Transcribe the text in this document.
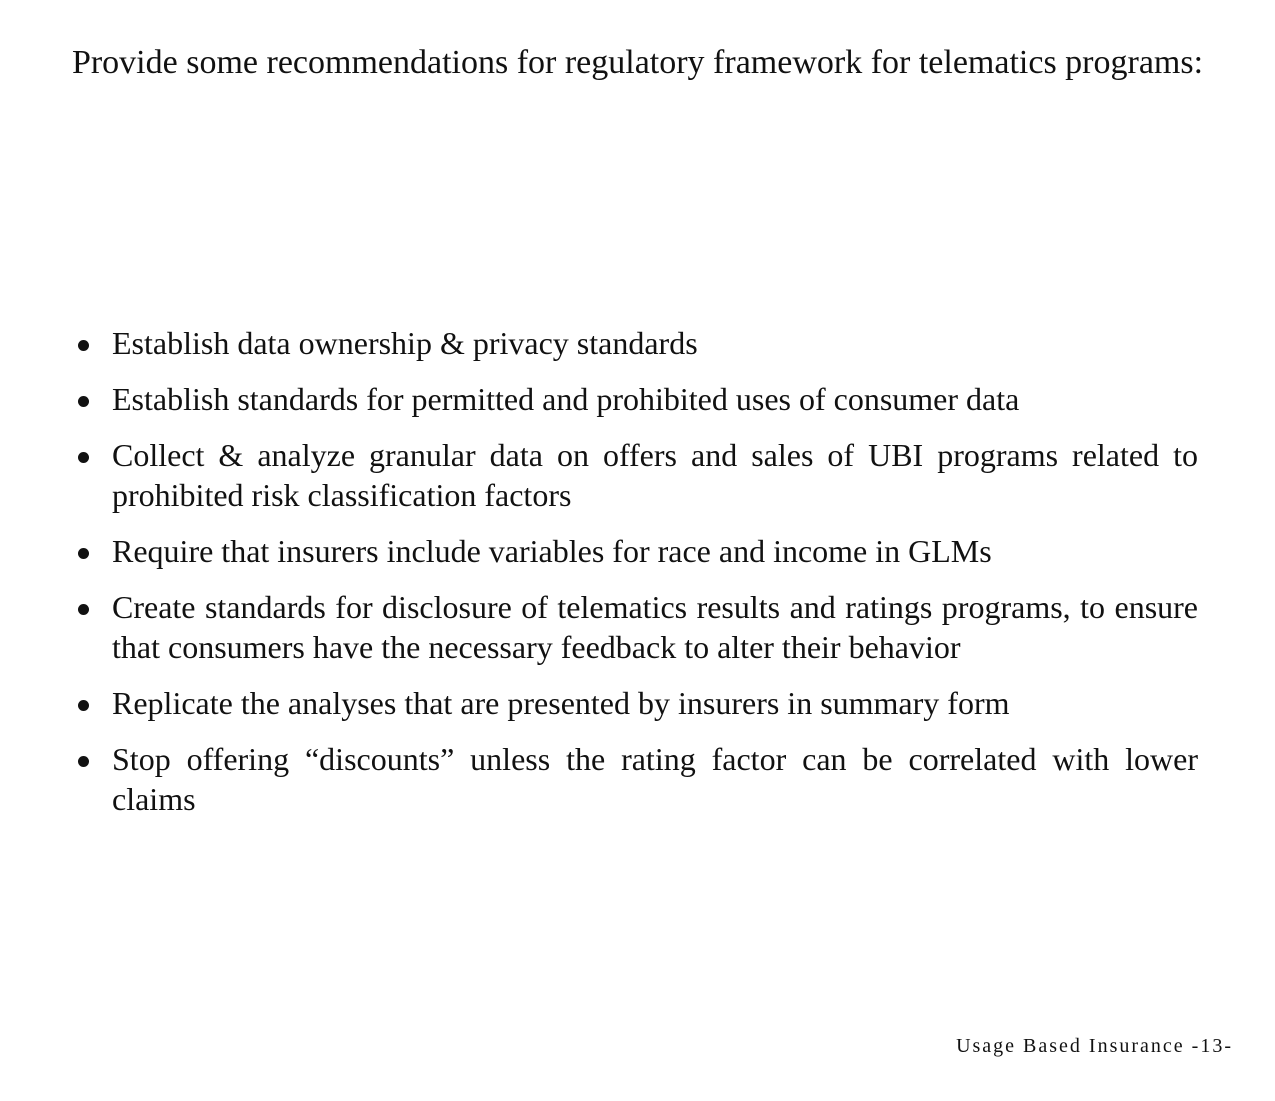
Provide some recommendations for regulatory framework for telematics programs:
Establish data ownership & privacy standards
Establish standards for permitted and prohibited uses of consumer data
Collect & analyze granular data on offers and sales of UBI programs related to prohibited risk classification factors
Require that insurers include variables for race and income in GLMs
Create standards for disclosure of telematics results and ratings programs, to ensure that consumers have the necessary feedback to alter their behavior
Replicate the analyses that are presented by insurers in summary form
Stop offering “discounts” unless the rating factor can be correlated with lower claims
Usage Based Insurance -13-
